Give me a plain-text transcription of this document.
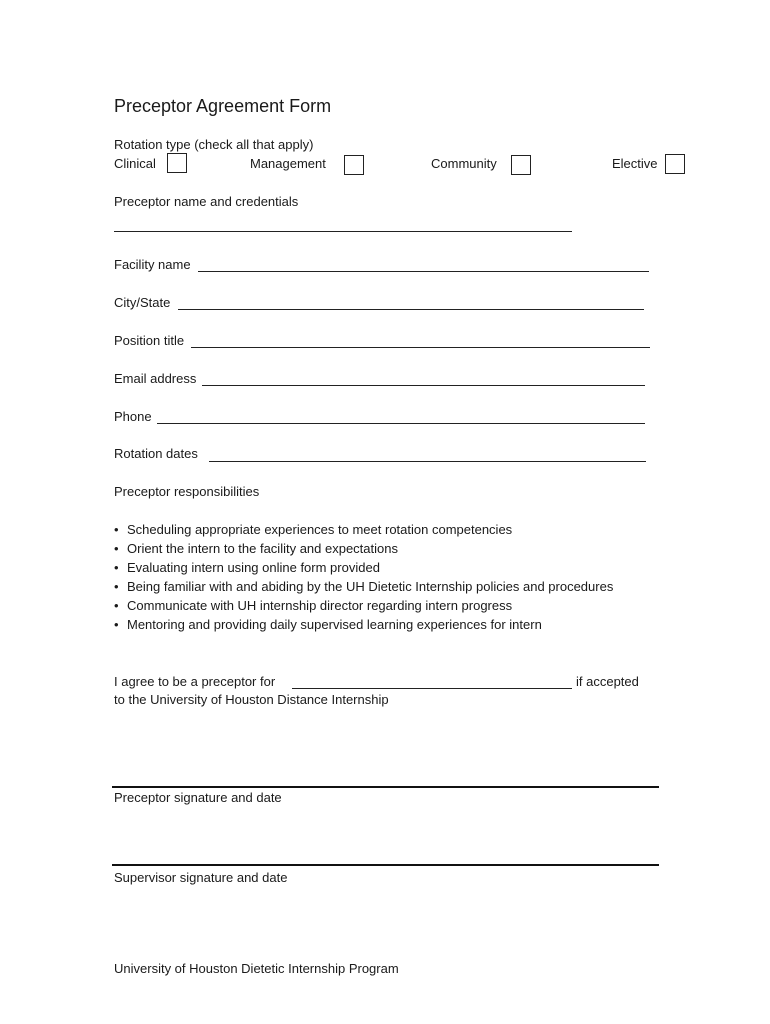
Preceptor Agreement Form
Rotation type (check all that apply)
Clinical	Management	Community	Elective
Preceptor name and credentials
Facility name
City/State
Position title
Email address
Phone
Rotation dates
Preceptor responsibilities
• Scheduling appropriate experiences to meet rotation competencies
• Orient the intern to the facility and expectations
• Evaluating intern using online form provided
• Being familiar with and abiding by the UH Dietetic Internship policies and procedures
• Communicate with UH internship director regarding intern progress
• Mentoring and providing daily supervised learning experiences for intern
I agree to be a preceptor for	if accepted
to the University of Houston Distance Internship
Preceptor signature and date
Supervisor signature and date
University of Houston Dietetic Internship Program
